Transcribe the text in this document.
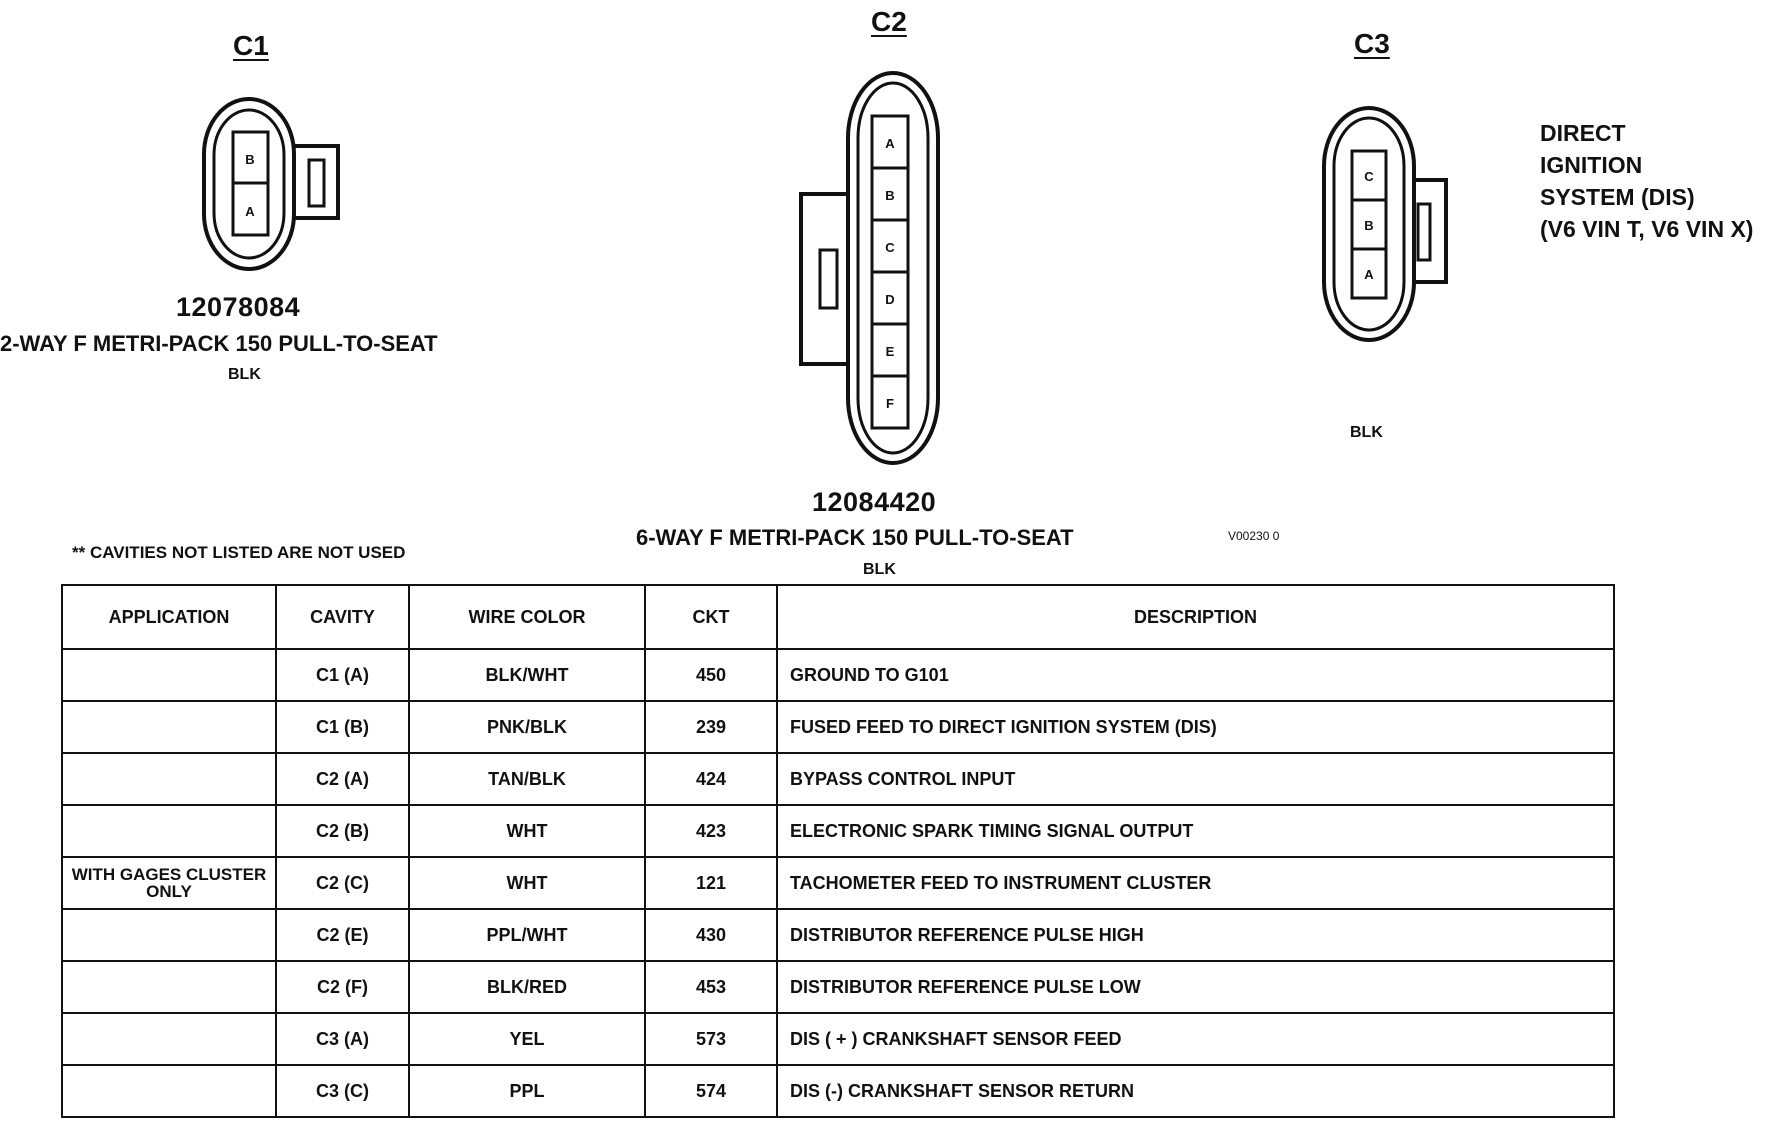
C1
C2
C3
12078084
2-WAY F METRI-PACK 150 PULL-TO-SEAT
BLK
12084420
6-WAY F METRI-PACK 150 PULL-TO-SEAT
BLK
BLK
DIRECT
IGNITION
SYSTEM (DIS)
(V6 VIN T, V6 VIN X)
** CAVITIES NOT LISTED ARE NOT USED
V00230 0
B
A
A
B
C
D
E
F
C
B
A
APPLICATION	CAVITY	WIRE COLOR	CKT	DESCRIPTION
	C1 (A)	BLK/WHT	450	GROUND TO G101
	C1 (B)	PNK/BLK	239	FUSED FEED TO DIRECT IGNITION SYSTEM (DIS)
	C2 (A)	TAN/BLK	424	BYPASS CONTROL INPUT
	C2 (B)	WHT	423	ELECTRONIC SPARK TIMING SIGNAL OUTPUT
WITH GAGES CLUSTER ONLY	C2 (C)	WHT	121	TACHOMETER FEED TO INSTRUMENT CLUSTER
	C2 (E)	PPL/WHT	430	DISTRIBUTOR REFERENCE PULSE HIGH
	C2 (F)	BLK/RED	453	DISTRIBUTOR REFERENCE PULSE LOW
	C3 (A)	YEL	573	DIS ( + ) CRANKSHAFT SENSOR FEED
	C3 (C)	PPL	574	DIS (-) CRANKSHAFT SENSOR RETURN
